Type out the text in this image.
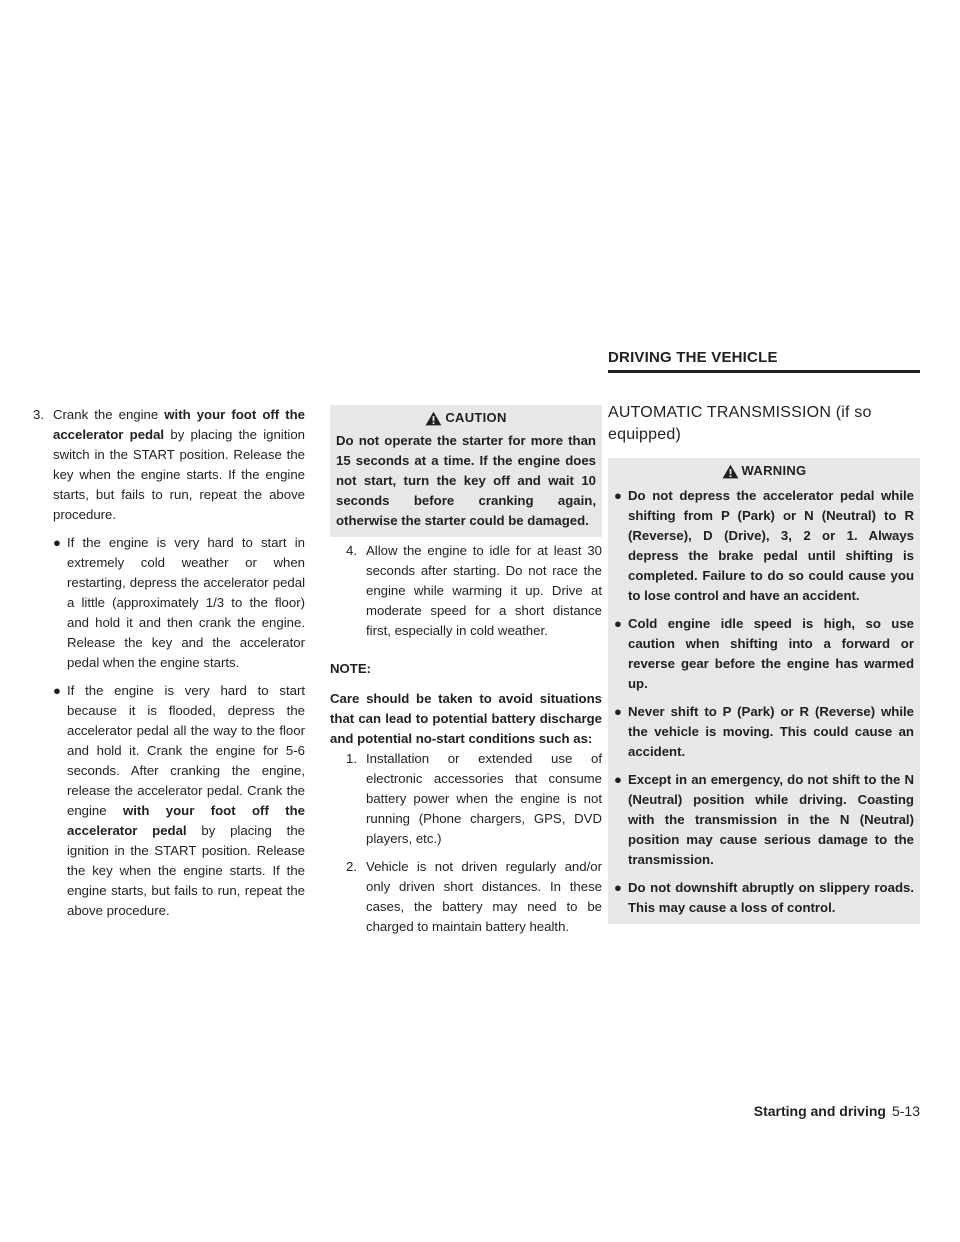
DRIVING THE VEHICLE
3. Crank the engine with your foot off the accelerator pedal by placing the ignition switch in the START position. Release the key when the engine starts. If the engine starts, but fails to run, repeat the above procedure.

● If the engine is very hard to start in extremely cold weather or when restarting, depress the accelerator pedal a little (approximately 1/3 to the floor) and hold it and then crank the engine. Release the key and the accelerator pedal when the engine starts.

● If the engine is very hard to start because it is flooded, depress the accelerator pedal all the way to the floor and hold it. Crank the engine for 5-6 seconds. After cranking the engine, release the accelerator pedal. Crank the engine with your foot off the accelerator pedal by placing the ignition in the START position. Release the key when the engine starts. If the engine starts, but fails to run, repeat the above procedure.

CAUTION

Do not operate the starter for more than 15 seconds at a time. If the engine does not start, turn the key off and wait 10 seconds before cranking again, otherwise the starter could be damaged.

4. Allow the engine to idle for at least 30 seconds after starting. Do not race the engine while warming it up. Drive at moderate speed for a short distance first, especially in cold weather.

NOTE:

Care should be taken to avoid situations that can lead to potential battery discharge and potential no-start conditions such as:

1. Installation or extended use of electronic accessories that consume battery power when the engine is not running (Phone chargers, GPS, DVD players, etc.)

2. Vehicle is not driven regularly and/or only driven short distances. In these cases, the battery may need to be charged to maintain battery health.

AUTOMATIC TRANSMISSION (if so equipped)
WARNING
● Do not depress the accelerator pedal while shifting from P (Park) or N (Neutral) to R (Reverse), D (Drive), 3, 2 or 1. Always depress the brake pedal until shifting is completed. Failure to do so could cause you to lose control and have an accident.

● Cold engine idle speed is high, so use caution when shifting into a forward or reverse gear before the engine has warmed up.

● Never shift to P (Park) or R (Reverse) while the vehicle is moving. This could cause an accident.

● Except in an emergency, do not shift to the N (Neutral) position while driving. Coasting with the transmission in the N (Neutral) position may cause serious damage to the transmission.

● Do not downshift abruptly on slippery roads. This may cause a loss of control.

Starting and driving 5-13
